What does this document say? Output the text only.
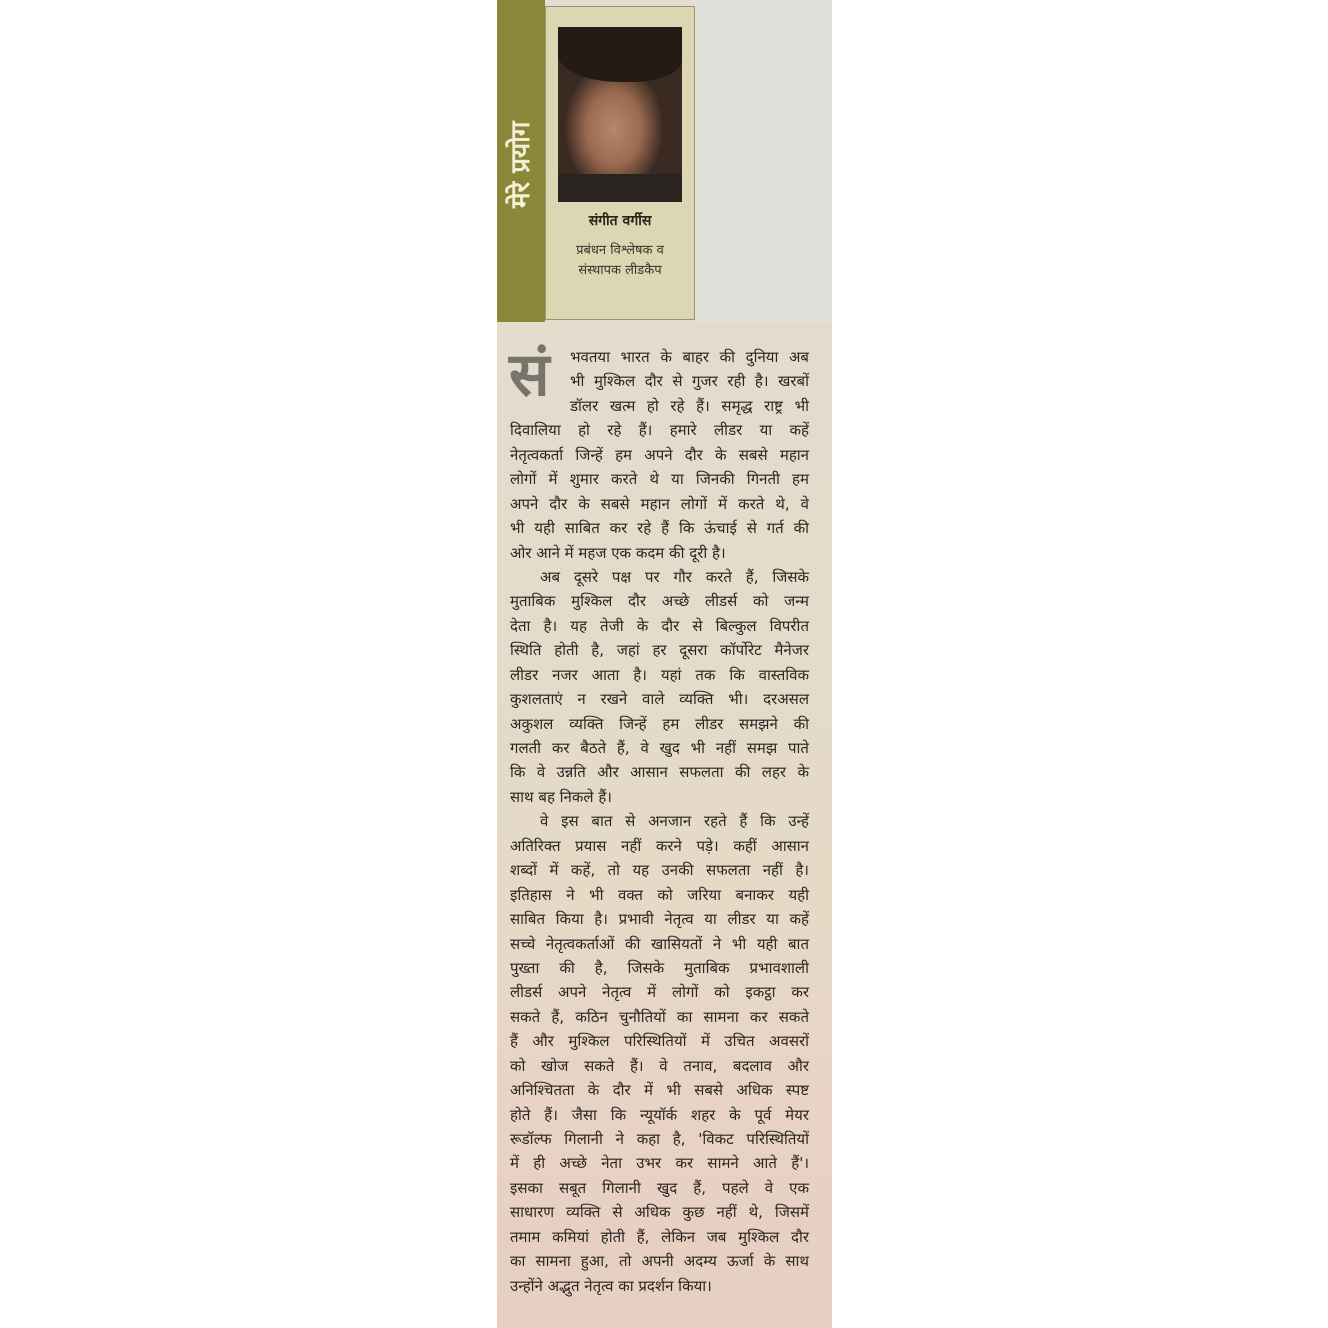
मेरे प्रयोग
संगीत वर्गीस
प्रबंधन विश्लेषक व
संस्थापक लीडकैप
सं भवतया भारत के बाहर की दुनिया अब
भी मुश्किल दौर से गुजर रही है। खरबों
डॉलर खत्म हो रहे हैं। समृद्ध राष्ट्र भी
दिवालिया हो रहे हैं। हमारे लीडर या कहें
नेतृत्वकर्ता जिन्हें हम अपने दौर के सबसे महान
लोगों में शुमार करते थे या जिनकी गिनती हम
अपने दौर के सबसे महान लोगों में करते थे, वे
भी यही साबित कर रहे हैं कि ऊंचाई से गर्त की
ओर आने में महज एक कदम की दूरी है।
अब दूसरे पक्ष पर गौर करते हैं, जिसके
मुताबिक मुश्किल दौर अच्छे लीडर्स को जन्म
देता है। यह तेजी के दौर से बिल्कुल विपरीत
स्थिति होती है, जहां हर दूसरा कॉर्पोरेट मैनेजर
लीडर नजर आता है। यहां तक कि वास्तविक
कुशलताएं न रखने वाले व्यक्ति भी। दरअसल
अकुशल व्यक्ति जिन्हें हम लीडर समझने की
गलती कर बैठते हैं, वे खुद भी नहीं समझ पाते
कि वे उन्नति और आसान सफलता की लहर के
साथ बह निकले हैं।
वे इस बात से अनजान रहते हैं कि उन्हें
अतिरिक्त प्रयास नहीं करने पड़े। कहीं आसान
शब्दों में कहें, तो यह उनकी सफलता नहीं है।
इतिहास ने भी वक्त को जरिया बनाकर यही
साबित किया है। प्रभावी नेतृत्व या लीडर या कहें
सच्चे नेतृत्वकर्ताओं की खासियतों ने भी यही बात
पुख्ता की है, जिसके मुताबिक प्रभावशाली
लीडर्स अपने नेतृत्व में लोगों को इकट्ठा कर
सकते हैं, कठिन चुनौतियों का सामना कर सकते
हैं और मुश्किल परिस्थितियों में उचित अवसरों
को खोज सकते हैं। वे तनाव, बदलाव और
अनिश्चितता के दौर में भी सबसे अधिक स्पष्ट
होते हैं। जैसा कि न्यूयॉर्क शहर के पूर्व मेयर
रूडॉल्फ गिलानी ने कहा है, 'विकट परिस्थितियों
में ही अच्छे नेता उभर कर सामने आते हैं'।
इसका सबूत गिलानी खुद हैं, पहले वे एक
साधारण व्यक्ति से अधिक कुछ नहीं थे, जिसमें
तमाम कमियां होती हैं, लेकिन जब मुश्किल दौर
का सामना हुआ, तो अपनी अदम्य ऊर्जा के साथ
उन्होंने अद्भुत नेतृत्व का प्रदर्शन किया।
